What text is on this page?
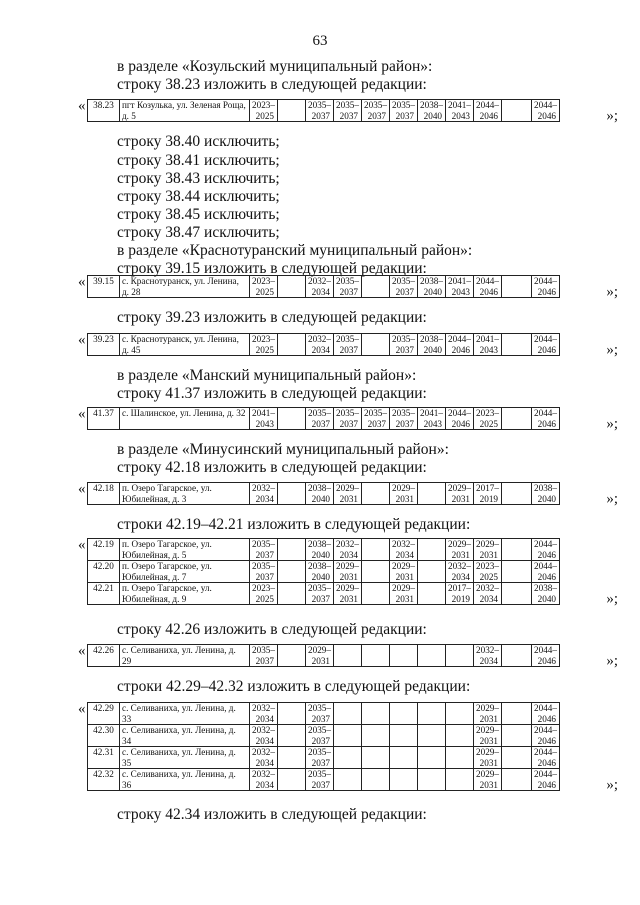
63
в разделе «Козульский муниципальный район»:
строку 38.23 изложить в следующей редакции:
« 38.23	пгт Козулька, ул. Зеленая Роща, д. 5	2023–
2025
		2035–
2037
	2035–
2037
	2035–
2037
	2035–
2037
	2038–
2040
	2041–
2043
	2044–
2046
		2044–
2046	»;
строку 38.40 исключить;
строку 38.41 исключить;
строку 38.43 исключить;
строку 38.44 исключить;
строку 38.45 исключить;
строку 38.47 исключить;
в разделе «Краснотуранский муниципальный район»:
строку 39.15 изложить в следующей редакции:
« 39.15	с. Краснотуранск, ул. Ленина, д. 28	2023–
2025
		2032–
2034
	2035–
2037
		2035–
2037
	2038–
2040
	2041–
2043
	2044–
2046
		2044–
2046	»;
строку 39.23 изложить в следующей редакции:
« 39.23	с. Краснотуранск, ул. Ленина, д. 45	2023–
2025
		2032–
2034
	2035–
2037
		2035–
2037
	2038–
2040
	2044–
2046
	2041–
2043
		2044–
2046	»;
в разделе «Манский муниципальный район»:
строку 41.37 изложить в следующей редакции:
« 41.37	с. Шалинское, ул. Ленина, д. 32	2041–
2043
		2035–
2037
	2035–
2037
	2035–
2037
	2035–
2037
	2041–
2043
	2044–
2046
	2023–
2025
		2044–
2046	»;
в разделе «Минусинский муниципальный район»:
строку 42.18 изложить в следующей редакции:
« 42.18	п. Озеро Тагарское, ул. Юбилейная, д. 3	2032–
2034
		2038–
2040
	2029–
2031
		2029–
2031
		2029–
2031
	2017–
2019
		2038–
2040	»;
строки 42.19–42.21 изложить в следующей редакции:
« 42.19	п. Озеро Тагарское, ул. Юбилейная, д. 5	2035–
2037		2038–
2040	2032–
2034		2032–
2034		2029–
2031	2029–
2031		2044–
2046

42.20	п. Озеро Тагарское, ул. Юбилейная, д. 7	2035–
2037		2038–
2040	2029–
2031		2029–
2031		2032–
2034	2023–
2025		2044–
2046

42.21	п. Озеро Тагарское, ул. Юбилейная, д. 9	2023–
2025		2035–
2037	2029–
2031		2029–
2031		2017–
2019	2032–
2034		2038–
2040	»;
строку 42.26 изложить в следующей редакции:
« 42.26	с. Селиваниха, ул. Ленина, д. 29	2035–
2037
		2029–
2031
						2032–
2034
		2044–
2046	»;
строки 42.29–42.32 изложить в следующей редакции:
« 42.29	с. Селиваниха, ул. Ленина, д. 33	2032–
2034		2035–
2037						2029–
2031		2044–
2046

42.30	с. Селиваниха, ул. Ленина, д. 34	2032–
2034		2035–
2037						2029–
2031		2044–
2046

42.31	с. Селиваниха, ул. Ленина, д. 35	2032–
2034		2035–
2037						2029–
2031		2044–
2046

42.32	с. Селиваниха, ул. Ленина, д. 36	2032–
2034		2035–
2037						2029–
2031		2044–
2046	»;
строку 42.34 изложить в следующей редакции:
